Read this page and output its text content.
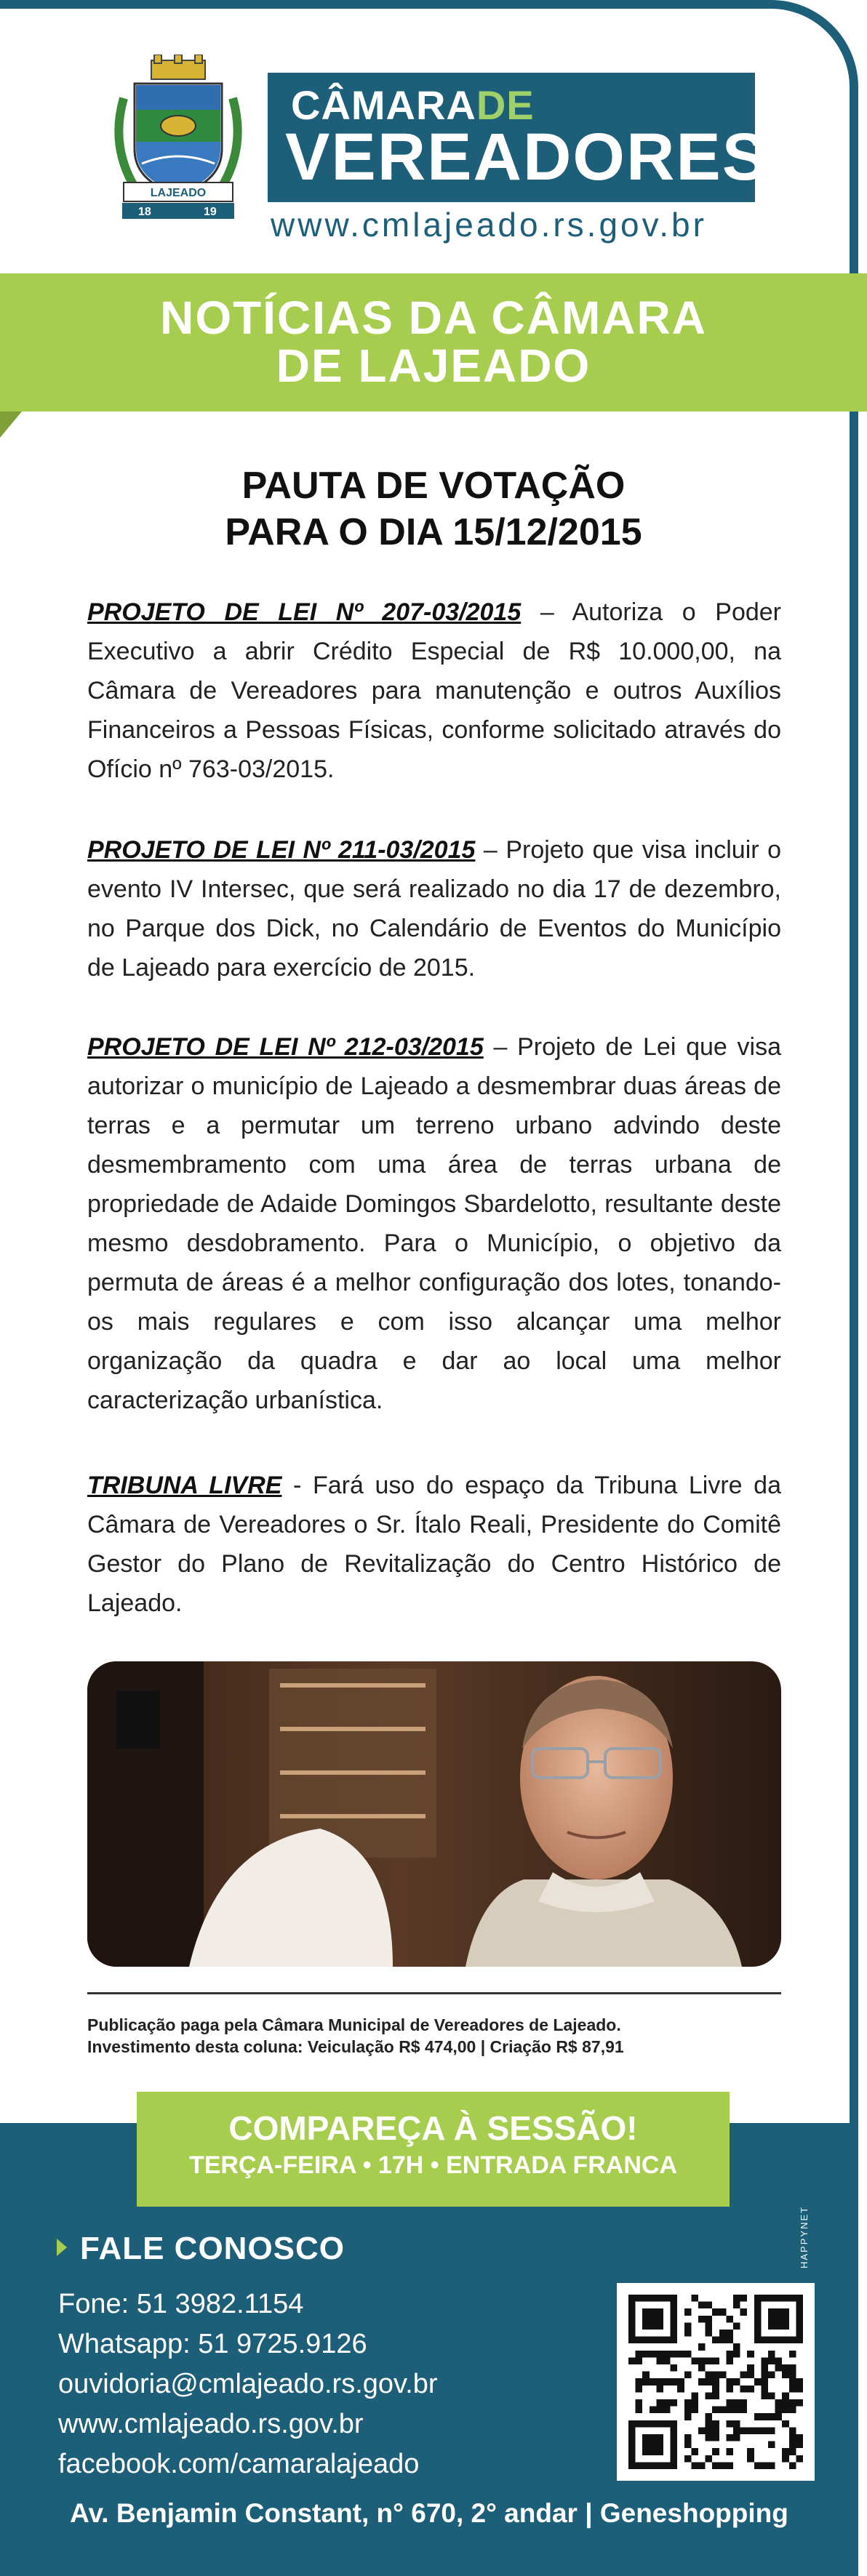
LAJEADO
18	19
CÂMARADE
VEREADORES
www.cmlajeado.rs.gov.br
NOTÍCIAS DA CÂMARA
DE LAJEADO
PAUTA DE VOTAÇÃO
PARA O DIA 15/12/2015
PROJETO DE LEI Nº 207-03/2015 – Autoriza o Poder Executivo a abrir Crédito Especial de R$ 10.000,00, na Câmara de Vereadores para manutenção e outros Auxílios Financeiros a Pessoas Físicas, conforme solicitado através do Ofício nº 763-03/2015.
PROJETO DE LEI Nº 211-03/2015 – Projeto que visa incluir o evento IV Intersec, que será realizado no dia 17 de dezembro, no Parque dos Dick, no Calendário de Eventos do Município de Lajeado para exercício de 2015.
PROJETO DE LEI Nº 212-03/2015 – Projeto de Lei que visa autorizar o município de Lajeado a desmembrar duas áreas de terras e a permutar um terreno urbano advindo deste desmembramento com uma área de terras urbana de propriedade de Adaide Domingos Sbardelotto, resultante deste mesmo desdobramento. Para o Município, o objetivo da permuta de áreas é a melhor configuração dos lotes, tonando-os mais regulares e com isso alcançar uma melhor organização da quadra e dar ao local uma melhor caracterização urbanística.
TRIBUNA LIVRE - Fará uso do espaço da Tribuna Livre da Câmara de Vereadores o Sr. Ítalo Reali, Presidente do Comitê Gestor do Plano de Revitalização do Centro Histórico de Lajeado.
Publicação paga pela Câmara Municipal de Vereadores de Lajeado.
Investimento desta coluna: Veiculação R$ 474,00 | Criação R$ 87,91
COMPAREÇA À SESSÃO!
TERÇA-FEIRA • 17H • ENTRADA FRANCA
HAPPYNET
FALE CONOSCO
Fone: 51 3982.1154
Whatsapp: 51 9725.9126
ouvidoria@cmlajeado.rs.gov.br
www.cmlajeado.rs.gov.br
facebook.com/camaralajeado
Av. Benjamin Constant, n° 670, 2° andar | Geneshopping
